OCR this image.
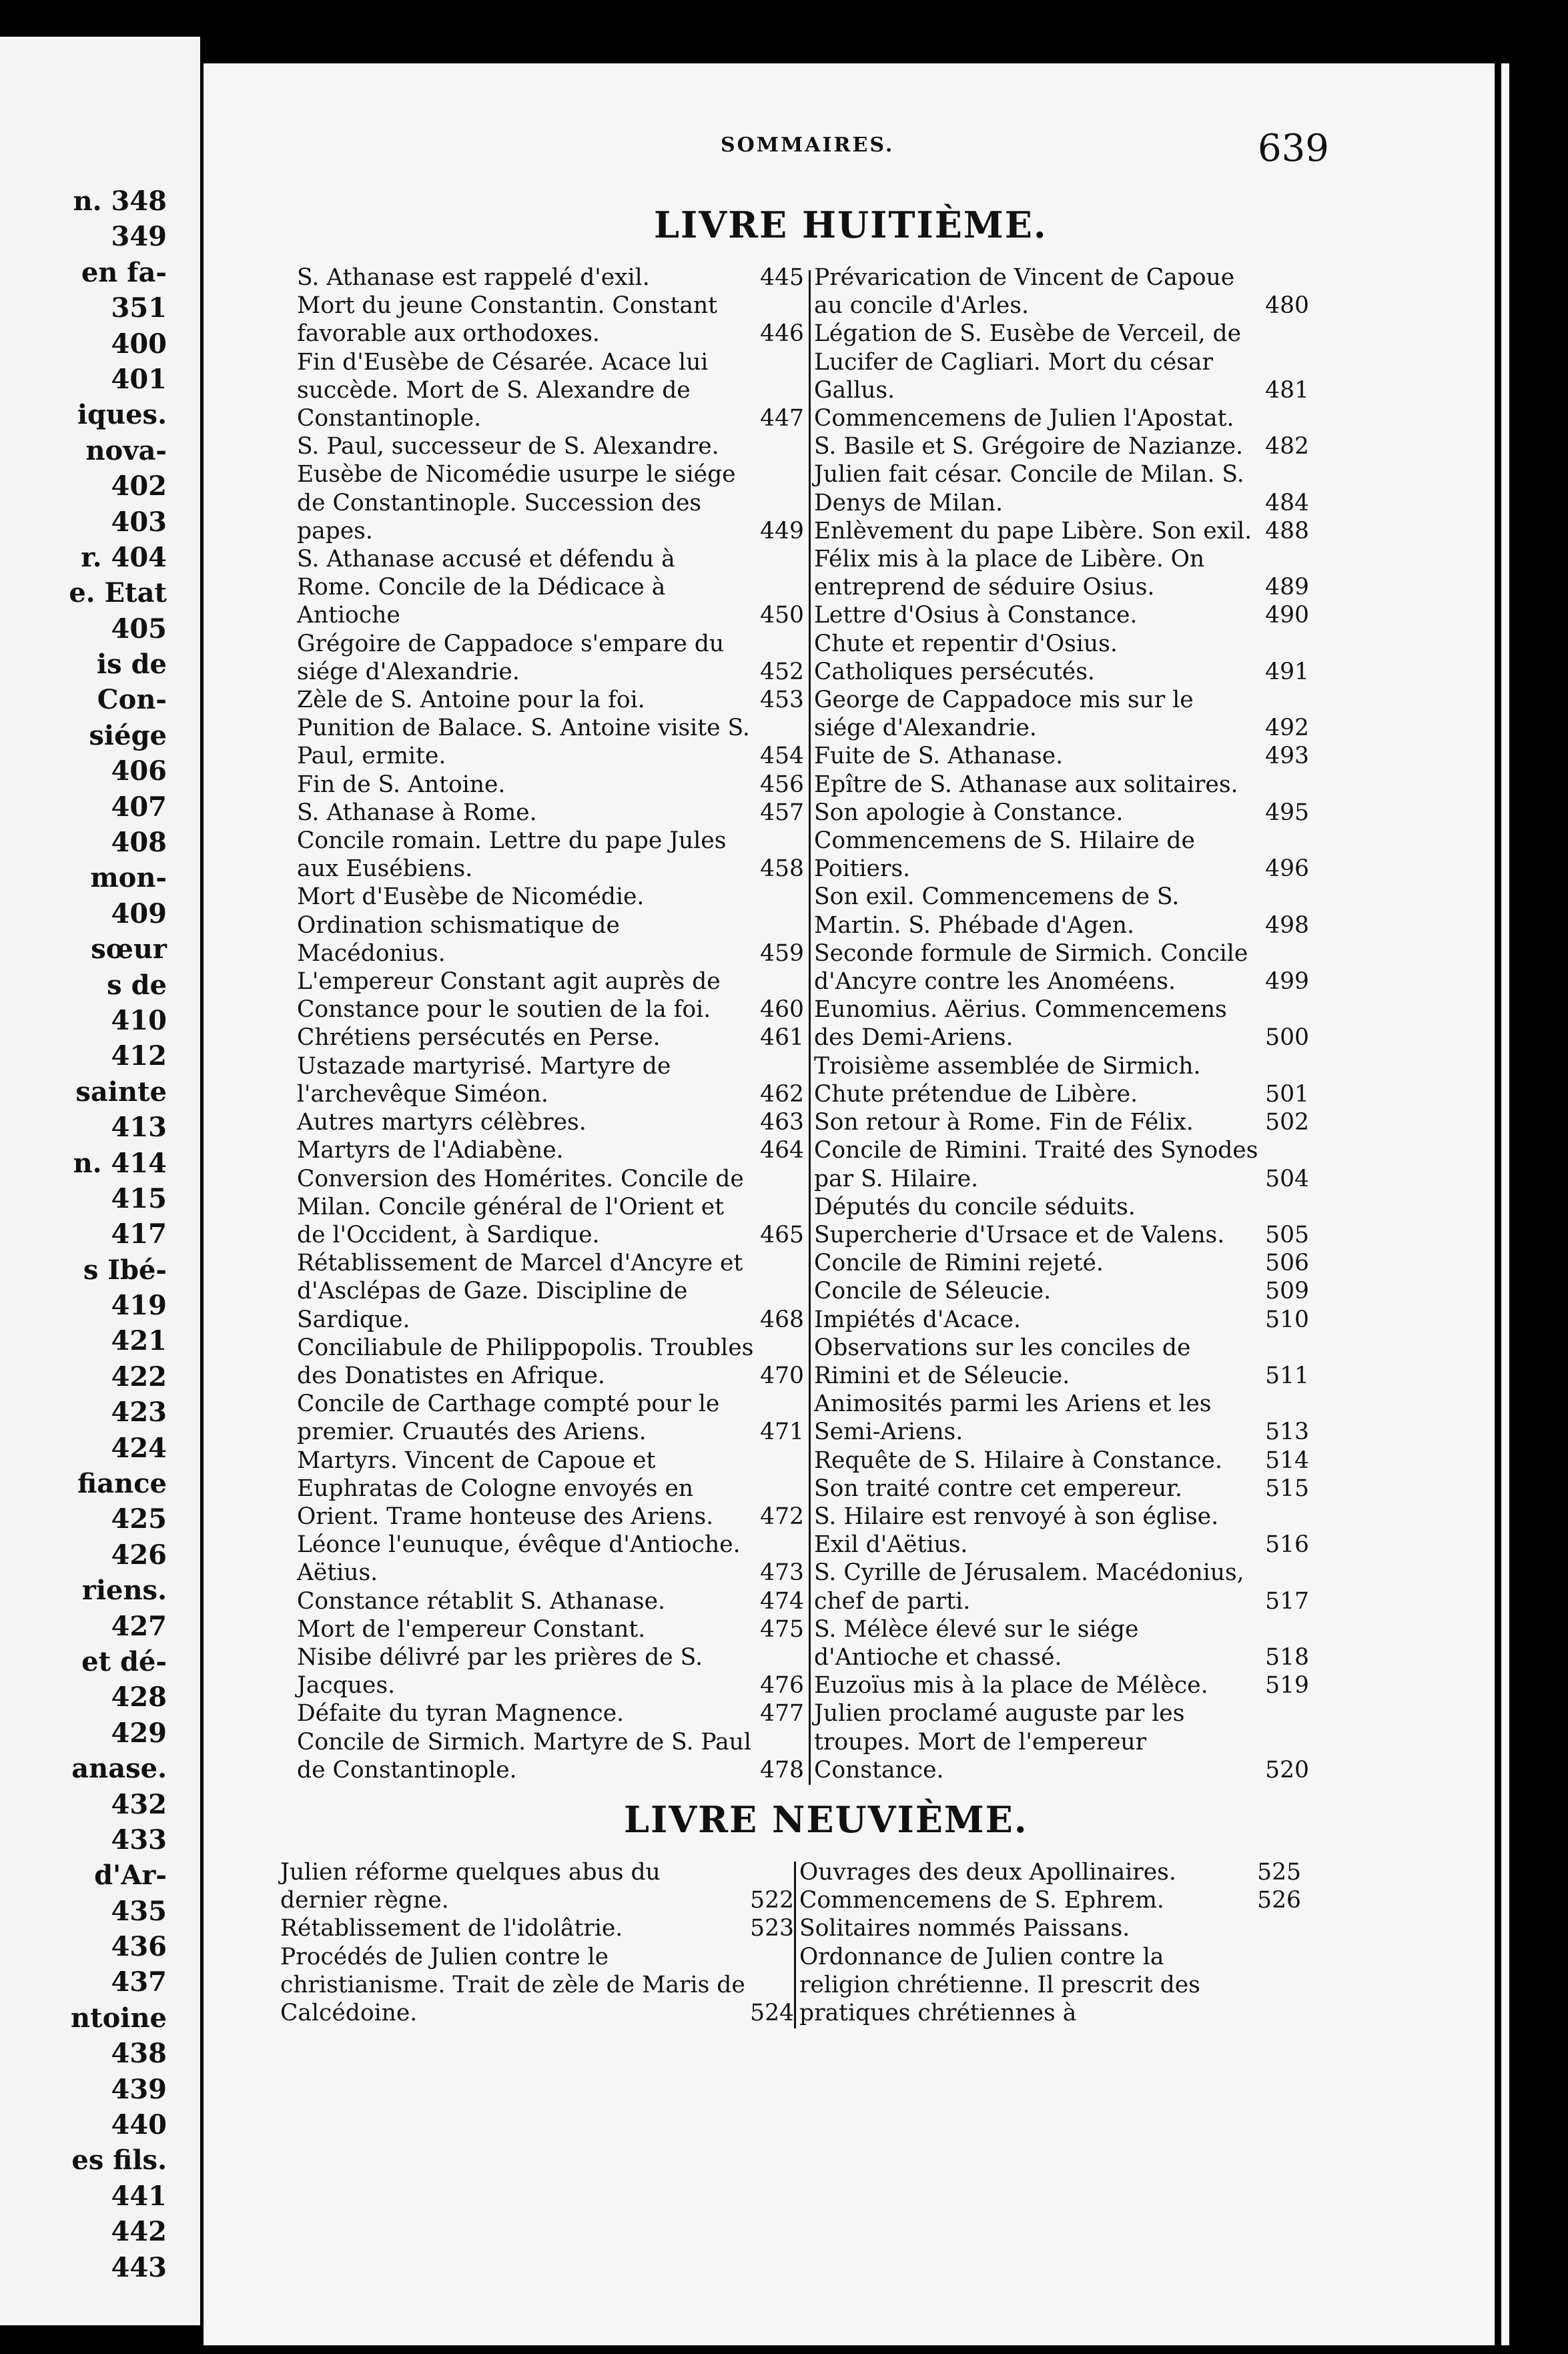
n. 348
349
en fa-
351
400
401
iques.
nova-
402
403
r. 404
e. Etat
405
is de
Con-
siége
406
407
408
mon-
409
sœur
s de
410
412
sainte
413
n. 414
415
417
s Ibé-
419
421
422
423
424
fiance
425
426
riens.
427
et dé-
428
429
anase.
432
433
d'Ar-
435
436
437
ntoine
438
439
440
es fils.
441
442
443
SOMMAIRES.	639
LIVRE HUITIÈME.
S. Athanase est rappelé d'exil.	445
Mort du jeune Constantin. Constant favorable aux orthodoxes.	446
Fin d'Eusèbe de Césarée. Acace lui succède. Mort de S. Alexandre de Constantinople.	447
S. Paul, successeur de S. Alexandre. Eusèbe de Nicomédie usurpe le siége de Constantinople. Succession des papes.	449
S. Athanase accusé et défendu à Rome. Concile de la Dédicace à Antioche	450
Grégoire de Cappadoce s'empare du siége d'Alexandrie.	452
Zèle de S. Antoine pour la foi.	453
Punition de Balace. S. Antoine visite S. Paul, ermite.	454
Fin de S. Antoine.	456
S. Athanase à Rome.	457
Concile romain. Lettre du pape Jules aux Eusébiens.	458
Mort d'Eusèbe de Nicomédie. Ordination schismatique de Macédonius.	459
L'empereur Constant agit auprès de Constance pour le soutien de la foi.	460
Chrétiens persécutés en Perse.	461
Ustazade martyrisé. Martyre de l'archevêque Siméon.	462
Autres martyrs célèbres.	463
Martyrs de l'Adiabène.	464
Conversion des Homérites. Concile de Milan. Concile général de l'Orient et de l'Occident, à Sardique.	465
Rétablissement de Marcel d'Ancyre et d'Asclépas de Gaze. Discipline de Sardique.	468
Conciliabule de Philippopolis. Troubles des Donatistes en Afrique.	470
Concile de Carthage compté pour le premier. Cruautés des Ariens.	471
Martyrs. Vincent de Capoue et Euphratas de Cologne envoyés en Orient. Trame honteuse des Ariens.	472
Léonce l'eunuque, évêque d'Antioche. Aëtius.	473
Constance rétablit S. Athanase.	474
Mort de l'empereur Constant.	475
Nisibe délivré par les prières de S. Jacques.	476
Défaite du tyran Magnence.	477
Concile de Sirmich. Martyre de S. Paul de Constantinople.	478
Prévarication de Vincent de Capoue au concile d'Arles.	480
Légation de S. Eusèbe de Verceil, de Lucifer de Cagliari. Mort du césar Gallus.	481
Commencemens de Julien l'Apostat. S. Basile et S. Grégoire de Nazianze. 482
Julien fait césar. Concile de Milan. S. Denys de Milan.	484
Enlèvement du pape Libère. Son exil. 488
Félix mis à la place de Libère. On entreprend de séduire Osius.	489
Lettre d'Osius à Constance.	490
Chute et repentir d'Osius. Catholiques persécutés.	491
George de Cappadoce mis sur le siége d'Alexandrie.	492
Fuite de S. Athanase.	493
Epître de S. Athanase aux solitaires. Son apologie à Constance.	495
Commencemens de S. Hilaire de Poitiers.	496
Son exil. Commencemens de S. Martin. S. Phébade d'Agen.	498
Seconde formule de Sirmich. Concile d'Ancyre contre les Anoméens.	499
Eunomius. Aërius. Commencemens des Demi-Ariens.	500
Troisième assemblée de Sirmich. Chute prétendue de Libère.	501
Son retour à Rome. Fin de Félix.	502
Concile de Rimini. Traité des Synodes par S. Hilaire.	504
Députés du concile séduits. Supercherie d'Ursace et de Valens.	505
Concile de Rimini rejeté.	506
Concile de Séleucie.	509
Impiétés d'Acace.	510
Observations sur les conciles de Rimini et de Séleucie.	511
Animosités parmi les Ariens et les Semi-Ariens.	513
Requête de S. Hilaire à Constance.	514
Son traité contre cet empereur.	515
S. Hilaire est renvoyé à son église. Exil d'Aëtius.	516
S. Cyrille de Jérusalem. Macédonius, chef de parti.	517
S. Mélèce élevé sur le siége d'Antioche et chassé.	518
Euzoïus mis à la place de Mélèce.	519
Julien proclamé auguste par les troupes. Mort de l'empereur Constance.	520
LIVRE NEUVIÈME.
Julien réforme quelques abus du dernier règne.	522
Rétablissement de l'idolâtrie.	523
Procédés de Julien contre le christianisme. Trait de zèle de Maris de Calcédoine.	524
Ouvrages des deux Apollinaires.	525
Commencemens de S. Ephrem.	526
Solitaires nommés Paissans. Ordonnance de Julien contre la religion chrétienne. Il prescrit des pratiques chrétiennes à
